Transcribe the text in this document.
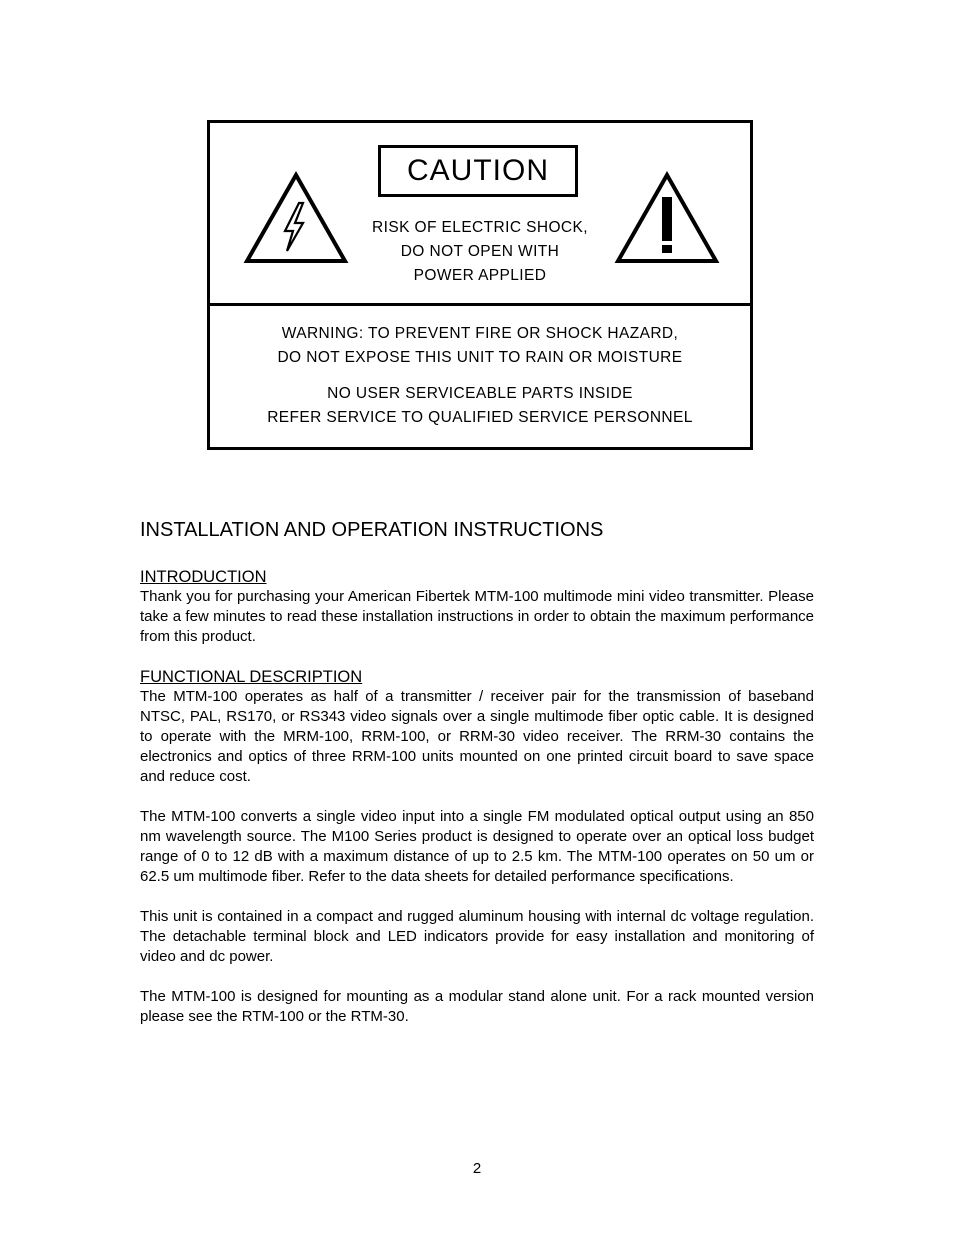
CAUTION
RISK OF ELECTRIC SHOCK,
DO NOT OPEN WITH
POWER APPLIED
WARNING: TO PREVENT FIRE OR SHOCK HAZARD,
DO NOT EXPOSE THIS UNIT TO RAIN OR MOISTURE
NO USER SERVICEABLE PARTS INSIDE
REFER SERVICE TO QUALIFIED SERVICE PERSONNEL
INSTALLATION AND OPERATION INSTRUCTIONS
INTRODUCTION

Thank you for purchasing your American Fibertek MTM-100 multimode mini video transmitter. Please take a few minutes to read these installation instructions in order to obtain the maximum performance from this product.

FUNCTIONAL DESCRIPTION

The MTM-100 operates as half of a transmitter / receiver pair for the transmission of baseband NTSC, PAL, RS170, or RS343 video signals over a single multimode fiber optic cable. It is designed to operate with the MRM-100, RRM-100, or RRM-30 video receiver. The RRM-30 contains the electronics and optics of three RRM-100 units mounted on one printed circuit board to save space and reduce cost.

The MTM-100 converts a single video input into a single FM modulated optical output using an 850 nm wavelength source. The M100 Series product is designed to operate over an optical loss budget range of 0 to 12 dB with a maximum distance of up to 2.5 km. The MTM-100 operates on 50 um or 62.5 um multimode fiber. Refer to the data sheets for detailed performance specifications.

This unit is contained in a compact and rugged aluminum housing with internal dc voltage regulation. The detachable terminal block and LED indicators provide for easy installation and monitoring of video and dc power.

The MTM-100 is designed for mounting as a modular stand alone unit. For a rack mounted version please see the RTM-100 or the RTM-30.

2
